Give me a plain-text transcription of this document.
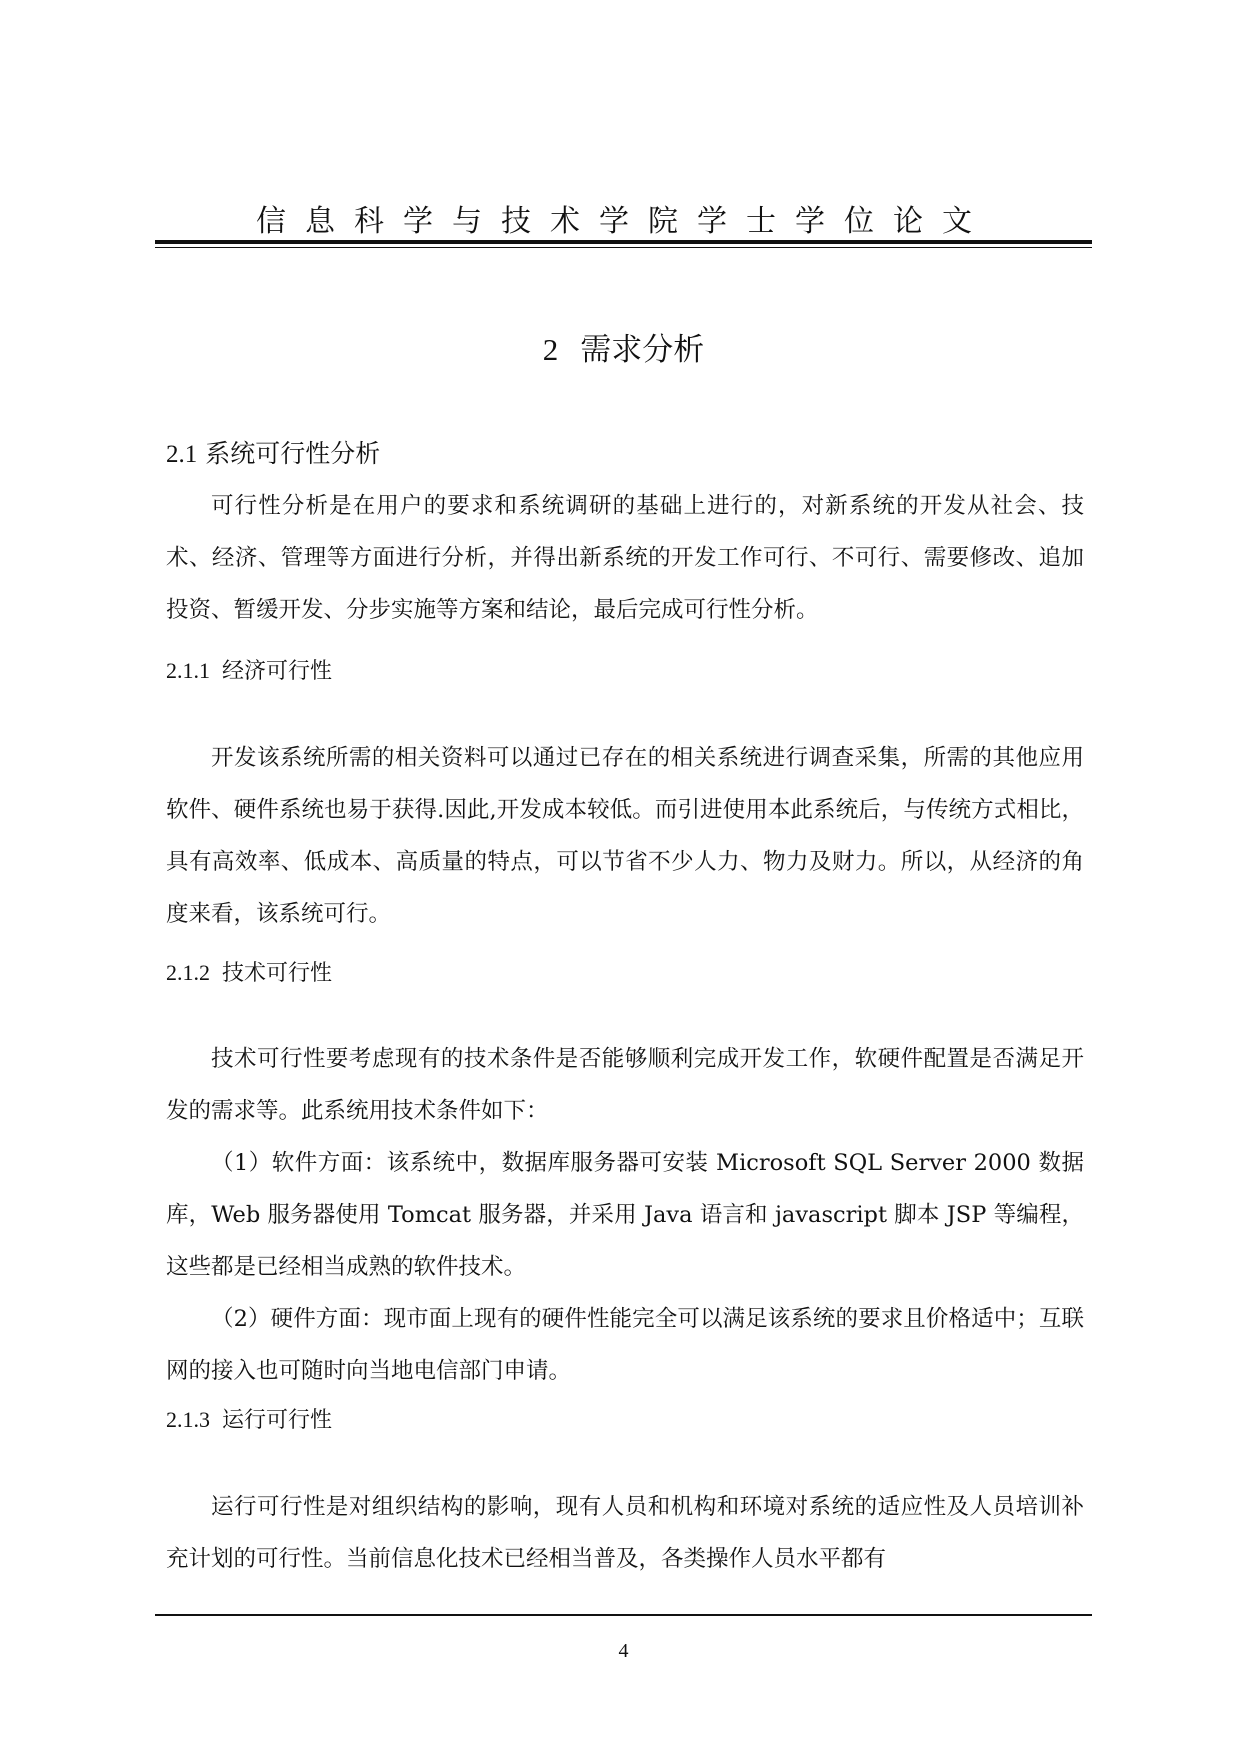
信息科学与技术学院学士学位论文
2 需求分析
2.1 系统可行性分析
可行性分析是在用户的要求和系统调研的基础上进行的，对新系统的开发从社会、技术、经济、管理等方面进行分析，并得出新系统的开发工作可行、不可行、需要修改、追加投资、暂缓开发、分步实施等方案和结论，最后完成可行性分析。
2.1.1 经济可行性
开发该系统所需的相关资料可以通过已存在的相关系统进行调查采集，所需的其他应用软件、硬件系统也易于获得.因此,开发成本较低。而引进使用本此系统后，与传统方式相比，具有高效率、低成本、高质量的特点，可以节省不少人力、物力及财力。所以，从经济的角度来看，该系统可行。
2.1.2 技术可行性
技术可行性要考虑现有的技术条件是否能够顺利完成开发工作，软硬件配置是否满足开发的需求等。此系统用技术条件如下：
（1）软件方面：该系统中，数据库服务器可安装 Microsoft SQL Server 2000 数据库，Web 服务器使用 Tomcat 服务器，并采用 Java 语言和 javascript 脚本 JSP 等编程，这些都是已经相当成熟的软件技术。
（2）硬件方面：现市面上现有的硬件性能完全可以满足该系统的要求且价格适中；互联网的接入也可随时向当地电信部门申请。
2.1.3 运行可行性
运行可行性是对组织结构的影响，现有人员和机构和环境对系统的适应性及人员培训补充计划的可行性。当前信息化技术已经相当普及，各类操作人员水平都有
4
